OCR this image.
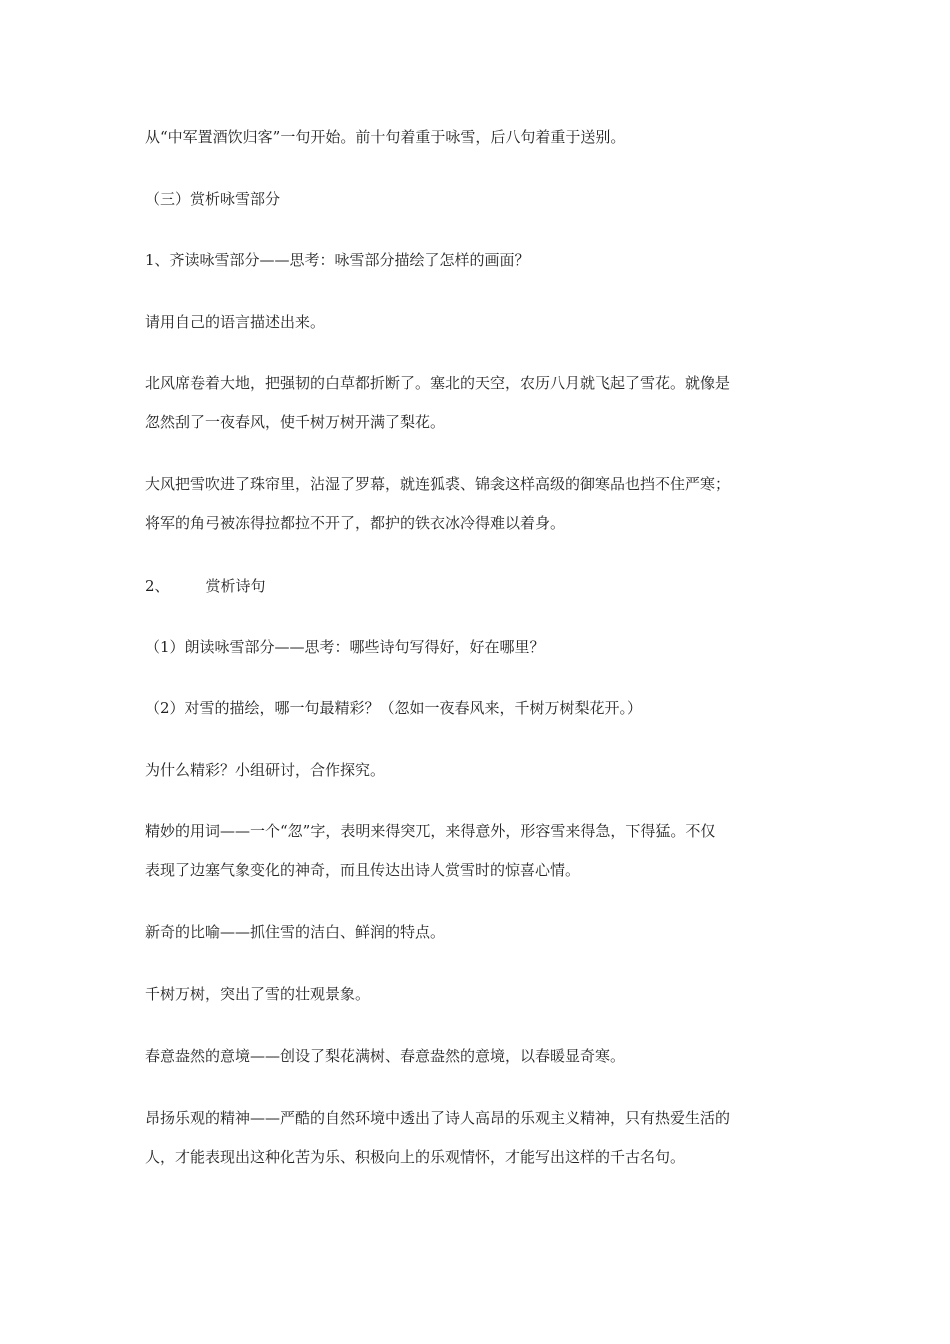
从“中军置酒饮归客”一句开始。前十句着重于咏雪，后八句着重于送别。
（三）赏析咏雪部分
1、齐读咏雪部分——思考：咏雪部分描绘了怎样的画面？
请用自己的语言描述出来。
北风席卷着大地，把强韧的白草都折断了。塞北的天空，农历八月就飞起了雪花。就像是
忽然刮了一夜春风，使千树万树开满了梨花。
大风把雪吹进了珠帘里，沾湿了罗幕，就连狐裘、锦衾这样高级的御寒品也挡不住严寒；
将军的角弓被冻得拉都拉不开了，都护的铁衣冰冷得难以着身。
2、 赏析诗句
（1）朗读咏雪部分——思考：哪些诗句写得好，好在哪里？
（2）对雪的描绘，哪一句最精彩？（忽如一夜春风来，千树万树梨花开。）
为什么精彩？小组研讨，合作探究。
精妙的用词——一个“忽”字，表明来得突兀，来得意外，形容雪来得急，下得猛。不仅
表现了边塞气象变化的神奇，而且传达出诗人赏雪时的惊喜心情。
新奇的比喻——抓住雪的洁白、鲜润的特点。
千树万树，突出了雪的壮观景象。
春意盎然的意境——创设了梨花满树、春意盎然的意境，以春暖显奇寒。
昂扬乐观的精神——严酷的自然环境中透出了诗人高昂的乐观主义精神，只有热爱生活的
人，才能表现出这种化苦为乐、积极向上的乐观情怀，才能写出这样的千古名句。
